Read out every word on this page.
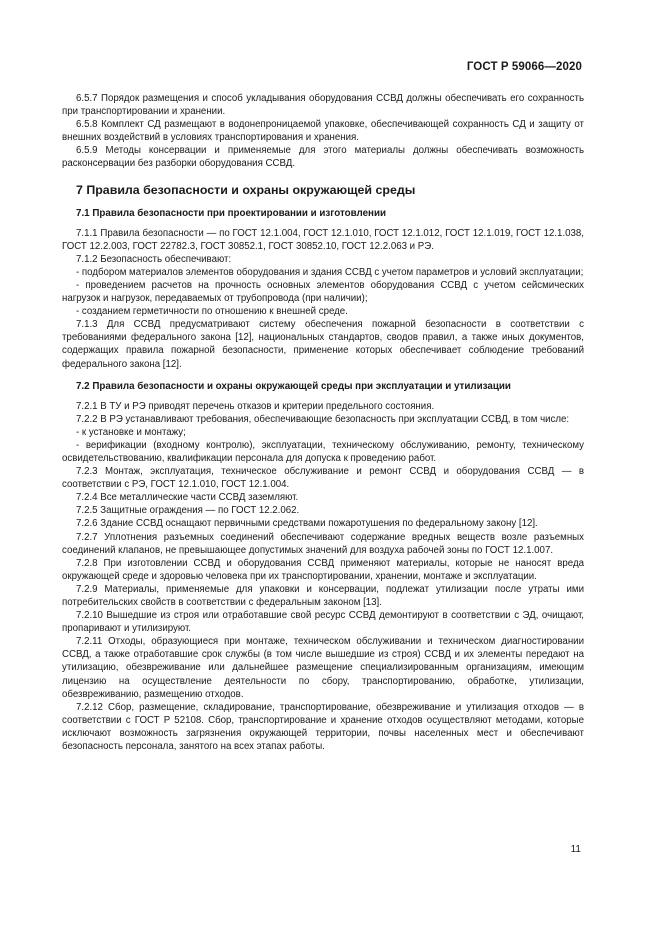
ГОСТ Р 59066—2020

6.5.7 Порядок размещения и способ укладывания оборудования ССВД должны обеспечивать его сохранность при транспортировании и хранении.

6.5.8 Комплект СД размещают в водонепроницаемой упаковке, обеспечивающей сохранность СД и защиту от внешних воздействий в условиях транспортирования и хранения.

6.5.9 Методы консервации и применяемые для этого материалы должны обеспечивать возможность расконсервации без разборки оборудования ССВД.

7 Правила безопасности и охраны окружающей среды
7.1 Правила безопасности при проектировании и изготовлении

7.1.1 Правила безопасности — по ГОСТ 12.1.004, ГОСТ 12.1.010, ГОСТ 12.1.012, ГОСТ 12.1.019, ГОСТ 12.1.038, ГОСТ 12.2.003, ГОСТ 22782.3, ГОСТ 30852.1, ГОСТ 30852.10, ГОСТ 12.2.063 и РЭ.

7.1.2 Безопасность обеспечивают:

- подбором материалов элементов оборудования и здания ССВД с учетом параметров и условий эксплуатации;

- проведением расчетов на прочность основных элементов оборудования ССВД с учетом сейсмических нагрузок и нагрузок, передаваемых от трубопровода (при наличии);

- созданием герметичности по отношению к внешней среде.

7.1.3 Для ССВД предусматривают систему обеспечения пожарной безопасности в соответствии с требованиями федерального закона [12], национальных стандартов, сводов правил, а также иных документов, содержащих правила пожарной безопасности, применение которых обеспечивает соблюдение требований федерального закона [12].

7.2 Правила безопасности и охраны окружающей среды при эксплуатации и утилизации

7.2.1 В ТУ и РЭ приводят перечень отказов и критерии предельного состояния.

7.2.2 В РЭ устанавливают требования, обеспечивающие безопасность при эксплуатации ССВД, в том числе:

- к установке и монтажу;

- верификации (входному контролю), эксплуатации, техническому обслуживанию, ремонту, техническому освидетельствованию, квалификации персонала для допуска к проведению работ.

7.2.3 Монтаж, эксплуатация, техническое обслуживание и ремонт ССВД и оборудования ССВД — в соответствии с РЭ, ГОСТ 12.1.010, ГОСТ 12.1.004.

7.2.4 Все металлические части ССВД заземляют.

7.2.5 Защитные ограждения — по ГОСТ 12.2.062.

7.2.6 Здание ССВД оснащают первичными средствами пожаротушения по федеральному закону [12].

7.2.7 Уплотнения разъемных соединений обеспечивают содержание вредных веществ возле разъемных соединений клапанов, не превышающее допустимых значений для воздуха рабочей зоны по ГОСТ 12.1.007.

7.2.8 При изготовлении ССВД и оборудования ССВД применяют материалы, которые не наносят вреда окружающей среде и здоровью человека при их транспортировании, хранении, монтаже и эксплуатации.

7.2.9 Материалы, применяемые для упаковки и консервации, подлежат утилизации после утраты ими потребительских свойств в соответствии с федеральным законом [13].

7.2.10 Вышедшие из строя или отработавшие свой ресурс ССВД демонтируют в соответствии с ЭД, очищают, пропаривают и утилизируют.

7.2.11 Отходы, образующиеся при монтаже, техническом обслуживании и техническом диагностировании ССВД, а также отработавшие срок службы (в том числе вышедшие из строя) ССВД и их элементы передают на утилизацию, обезвреживание или дальнейшее размещение специализированным организациям, имеющим лицензию на осуществление деятельности по сбору, транспортированию, обработке, утилизации, обезвреживанию, размещению отходов.

7.2.12 Сбор, размещение, складирование, транспортирование, обезвреживание и утилизация отходов — в соответствии с ГОСТ Р 52108. Сбор, транспортирование и хранение отходов осуществляют методами, которые исключают возможность загрязнения окружающей территории, почвы населенных мест и обеспечивают безопасность персонала, занятого на всех этапах работы.

11
